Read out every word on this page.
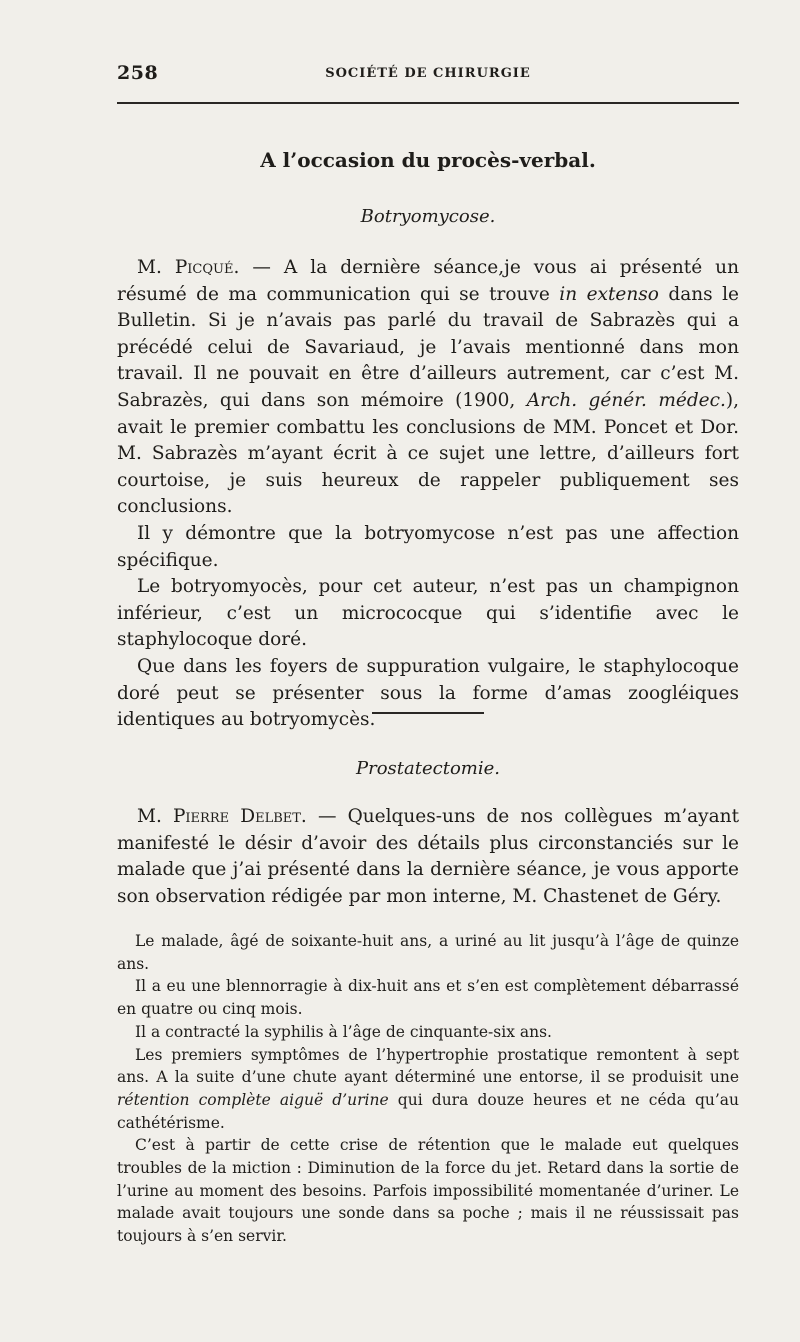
258	SOCIÉTÉ DE CHIRURGIE
A l’occasion du procès-verbal.
Botryomycose.

M. Picqué. — A la dernière séance,je vous ai présenté un résumé de ma communication qui se trouve in extenso dans le Bulletin. Si je n’avais pas parlé du travail de Sabrazès qui a précédé celui de Savariaud, je l’avais mentionné dans mon travail. Il ne pouvait en être d’ailleurs autrement, car c’est M. Sabrazès, qui dans son mémoire (1900, Arch. génér. médec.), avait le premier combattu les conclusions de MM. Poncet et Dor. M. Sabrazès m’ayant écrit à ce sujet une lettre, d’ailleurs fort courtoise, je suis heureux de rappeler publiquement ses conclusions.

Il y démontre que la botryomycose n’est pas une affection spécifique.

Le botryomyocès, pour cet auteur, n’est pas un champignon inférieur, c’est un micrococque qui s’identifie avec le staphylocoque doré.

Que dans les foyers de suppuration vulgaire, le staphylocoque doré peut se présenter sous la forme d’amas zoogléiques identiques au botryomycès.

Prostatectomie.

M. Pierre Delbet. — Quelques-uns de nos collègues m’ayant manifesté le désir d’avoir des détails plus circonstanciés sur le malade que j’ai présenté dans la dernière séance, je vous apporte son observation rédigée par mon interne, M. Chastenet de Géry.

Le malade, âgé de soixante-huit ans, a uriné au lit jusqu’à l’âge de quinze ans.

Il a eu une blennorragie à dix-huit ans et s’en est complètement débarrassé en quatre ou cinq mois.

Il a contracté la syphilis à l’âge de cinquante-six ans.

Les premiers symptômes de l’hypertrophie prostatique remontent à sept ans. A la suite d’une chute ayant déterminé une entorse, il se produisit une rétention complète aiguë d’urine qui dura douze heures et ne céda qu’au cathétérisme.

C’est à partir de cette crise de rétention que le malade eut quelques troubles de la miction : Diminution de la force du jet. Retard dans la sortie de l’urine au moment des besoins. Parfois impossibilité momentanée d’uriner. Le malade avait toujours une sonde dans sa poche ; mais il ne réussissait pas toujours à s’en servir.
